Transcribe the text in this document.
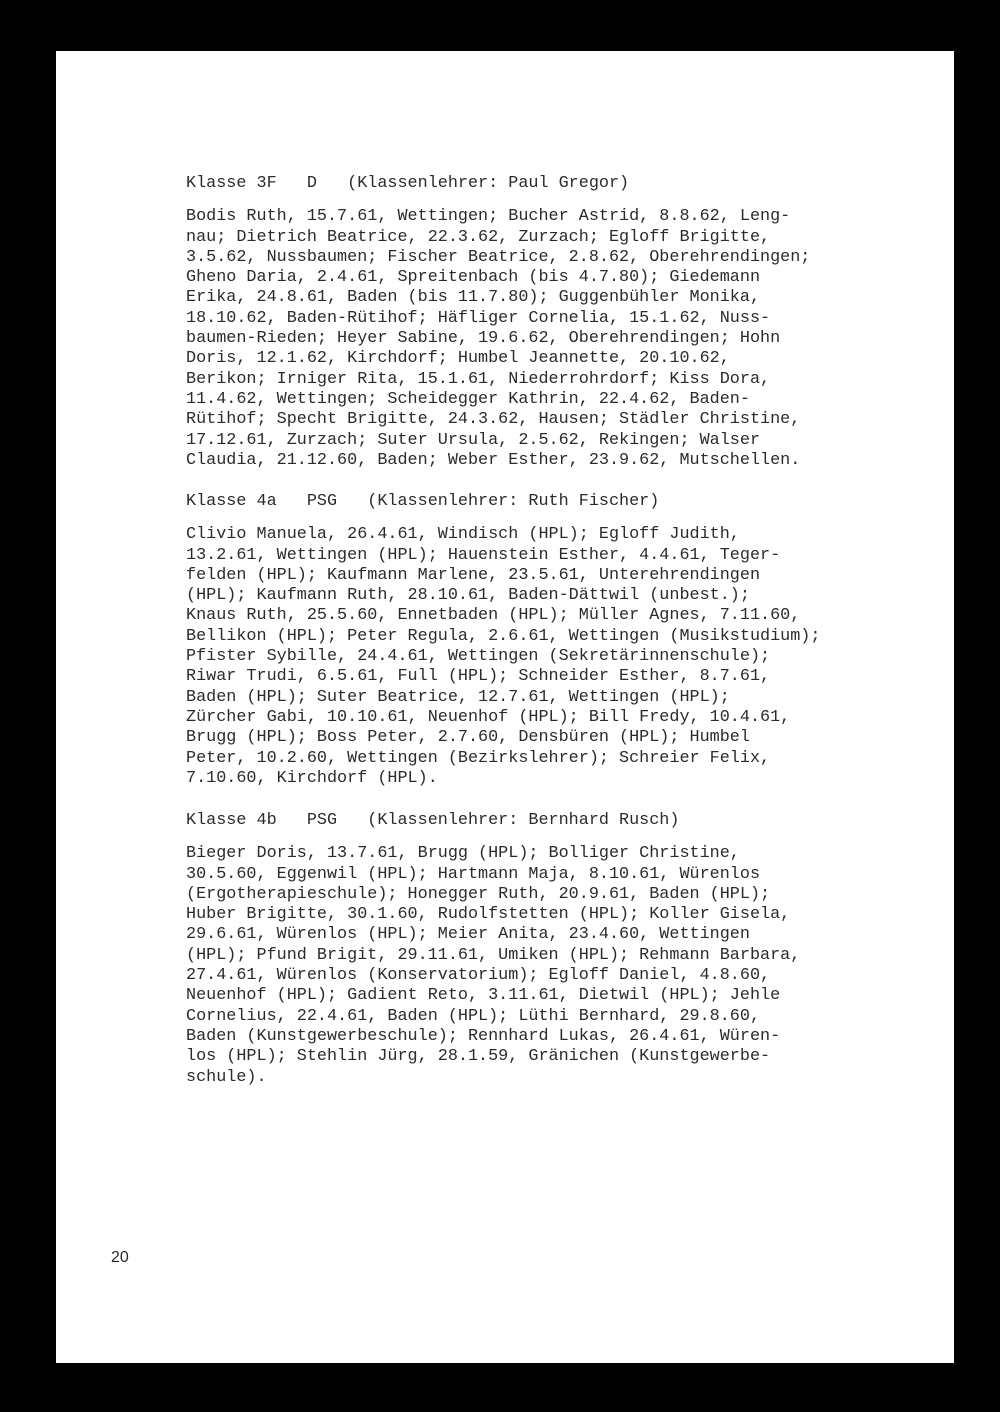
Klasse 3F   D   (Klassenlehrer: Paul Gregor)

Bodis Ruth, 15.7.61, Wettingen; Bucher Astrid, 8.8.62, Leng-

nau; Dietrich Beatrice, 22.3.62, Zurzach; Egloff Brigitte,

3.5.62, Nussbaumen; Fischer Beatrice, 2.8.62, Oberehrendingen;

Gheno Daria, 2.4.61, Spreitenbach (bis 4.7.80); Giedemann

Erika, 24.8.61, Baden (bis 11.7.80); Guggenbühler Monika,

18.10.62, Baden-Rütihof; Häfliger Cornelia, 15.1.62, Nuss-

baumen-Rieden; Heyer Sabine, 19.6.62, Oberehrendingen; Hohn

Doris, 12.1.62, Kirchdorf; Humbel Jeannette, 20.10.62,

Berikon; Irniger Rita, 15.1.61, Niederrohrdorf; Kiss Dora,

11.4.62, Wettingen; Scheidegger Kathrin, 22.4.62, Baden-

Rütihof; Specht Brigitte, 24.3.62, Hausen; Städler Christine,

17.12.61, Zurzach; Suter Ursula, 2.5.62, Rekingen; Walser

Claudia, 21.12.60, Baden; Weber Esther, 23.9.62, Mutschellen.

Klasse 4a   PSG   (Klassenlehrer: Ruth Fischer)

Clivio Manuela, 26.4.61, Windisch (HPL); Egloff Judith,

13.2.61, Wettingen (HPL); Hauenstein Esther, 4.4.61, Teger-

felden (HPL); Kaufmann Marlene, 23.5.61, Unterehrendingen

(HPL); Kaufmann Ruth, 28.10.61, Baden-Dättwil (unbest.);

Knaus Ruth, 25.5.60, Ennetbaden (HPL); Müller Agnes, 7.11.60,

Bellikon (HPL); Peter Regula, 2.6.61, Wettingen (Musikstudium);

Pfister Sybille, 24.4.61, Wettingen (Sekretärinnenschule);

Riwar Trudi, 6.5.61, Full (HPL); Schneider Esther, 8.7.61,

Baden (HPL); Suter Beatrice, 12.7.61, Wettingen (HPL);

Zürcher Gabi, 10.10.61, Neuenhof (HPL); Bill Fredy, 10.4.61,

Brugg (HPL); Boss Peter, 2.7.60, Densbüren (HPL); Humbel

Peter, 10.2.60, Wettingen (Bezirkslehrer); Schreier Felix,

7.10.60, Kirchdorf (HPL).

Klasse 4b   PSG   (Klassenlehrer: Bernhard Rusch)

Bieger Doris, 13.7.61, Brugg (HPL); Bolliger Christine,

30.5.60, Eggenwil (HPL); Hartmann Maja, 8.10.61, Würenlos

(Ergotherapieschule); Honegger Ruth, 20.9.61, Baden (HPL);

Huber Brigitte, 30.1.60, Rudolfstetten (HPL); Koller Gisela,

29.6.61, Würenlos (HPL); Meier Anita, 23.4.60, Wettingen

(HPL); Pfund Brigit, 29.11.61, Umiken (HPL); Rehmann Barbara,

27.4.61, Würenlos (Konservatorium); Egloff Daniel, 4.8.60,

Neuenhof (HPL); Gadient Reto, 3.11.61, Dietwil (HPL); Jehle

Cornelius, 22.4.61, Baden (HPL); Lüthi Bernhard, 29.8.60,

Baden (Kunstgewerbeschule); Rennhard Lukas, 26.4.61, Würen-

los (HPL); Stehlin Jürg, 28.1.59, Gränichen (Kunstgewerbe-

schule).

20
